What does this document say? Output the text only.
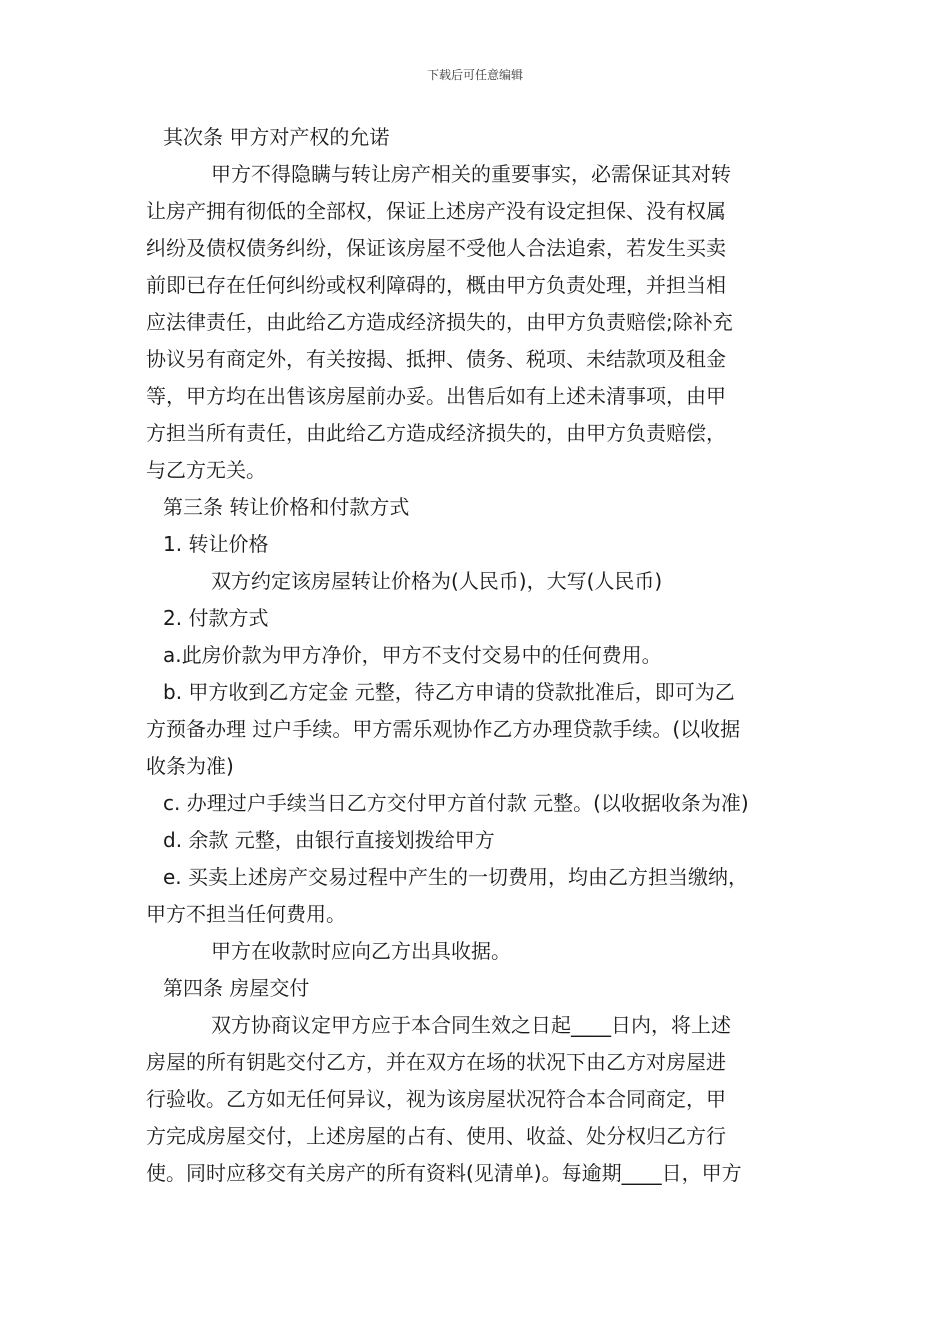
下载后可任意编辑
其次条 甲方对产权的允诺
甲方不得隐瞒与转让房产相关的重要事实，必需保证其对转
让房产拥有彻低的全部权，保证上述房产没有设定担保、没有权属
纠纷及债权债务纠纷，保证该房屋不受他人合法追索，若发生买卖
前即已存在任何纠纷或权利障碍的，概由甲方负责处理，并担当相
应法律责任，由此给乙方造成经济损失的，由甲方负责赔偿;除补充
协议另有商定外，有关按揭、抵押、债务、税项、未结款项及租金
等，甲方均在出售该房屋前办妥。出售后如有上述未清事项，由甲
方担当所有责任，由此给乙方造成经济损失的，由甲方负责赔偿，
与乙方无关。
第三条 转让价格和付款方式
1. 转让价格
双方约定该房屋转让价格为(人民币)，大写(人民币)
2. 付款方式
a.此房价款为甲方净价，甲方不支付交易中的任何费用。
b. 甲方收到乙方定金 元整，待乙方申请的贷款批准后，即可为乙
方预备办理 过户手续。甲方需乐观协作乙方办理贷款手续。(以收据
收条为准)
c. 办理过户手续当日乙方交付甲方首付款 元整。(以收据收条为准)
d. 余款 元整，由银行直接划拨给甲方
e. 买卖上述房产交易过程中产生的一切费用，均由乙方担当缴纳，
甲方不担当任何费用。
甲方在收款时应向乙方出具收据。
第四条 房屋交付
双方协商议定甲方应于本合同生效之日起____日内，将上述
房屋的所有钥匙交付乙方，并在双方在场的状况下由乙方对房屋进
行验收。乙方如无任何异议，视为该房屋状况符合本合同商定，甲
方完成房屋交付，上述房屋的占有、使用、收益、处分权归乙方行
使。同时应移交有关房产的所有资料(见清单)。每逾期____日，甲方
